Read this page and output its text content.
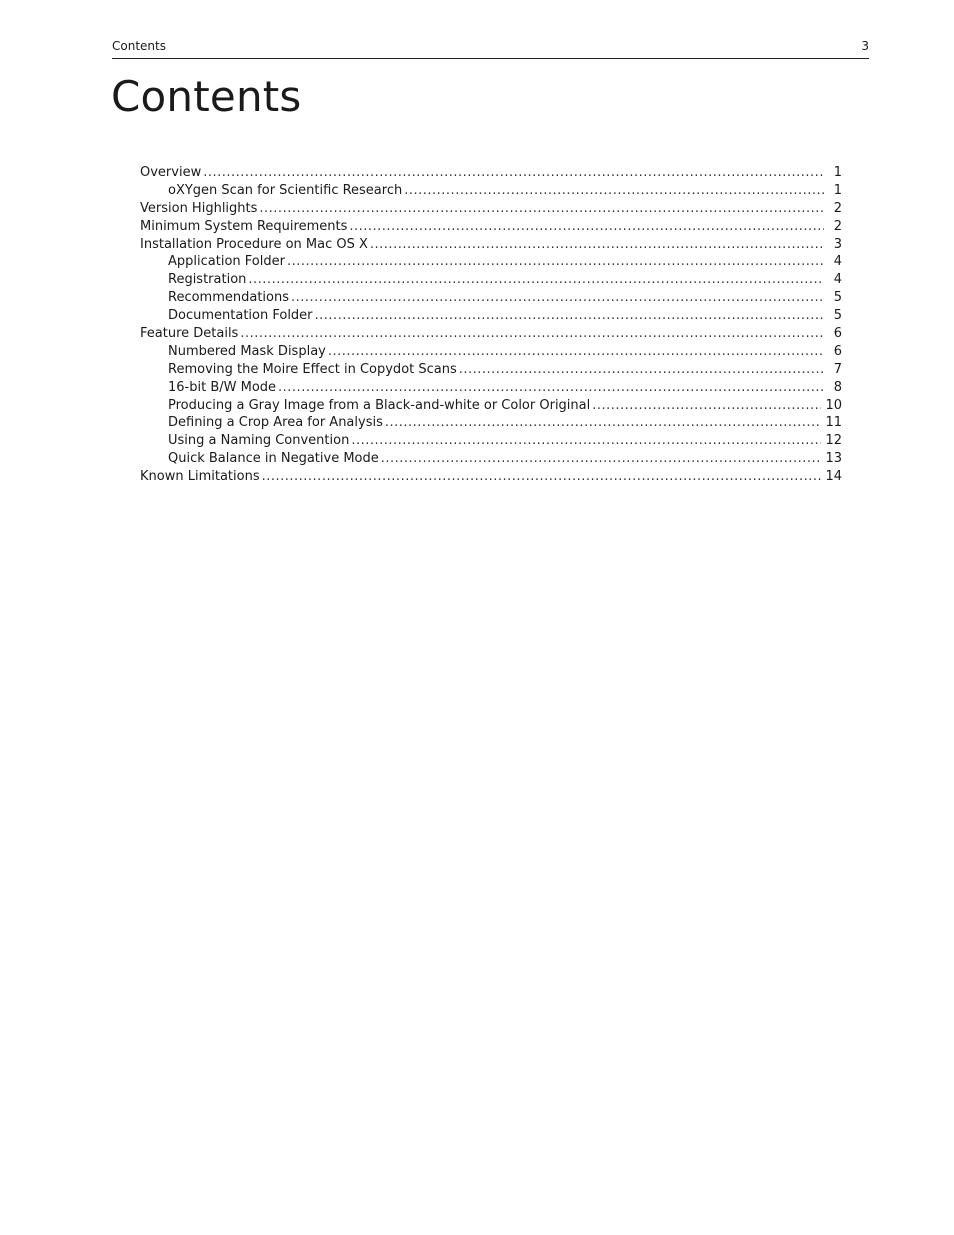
Contents	3
Contents
Overview .....	1
oXYgen Scan for Scientific Research .....	1
Version Highlights .....	2
Minimum System Requirements .....	2
Installation Procedure on Mac OS X .....	3
Application Folder .....	4
Registration .....	4
Recommendations .....	5
Documentation Folder .....	5
Feature Details .....	6
Numbered Mask Display .....	6
Removing the Moire Effect in Copydot Scans .....	7
16-bit B/W Mode .....	8
Producing a Gray Image from a Black-and-white or Color Original .....	10
Defining a Crop Area for Analysis .....	11
Using a Naming Convention .....	12
Quick Balance in Negative Mode .....	13
Known Limitations .....	14
